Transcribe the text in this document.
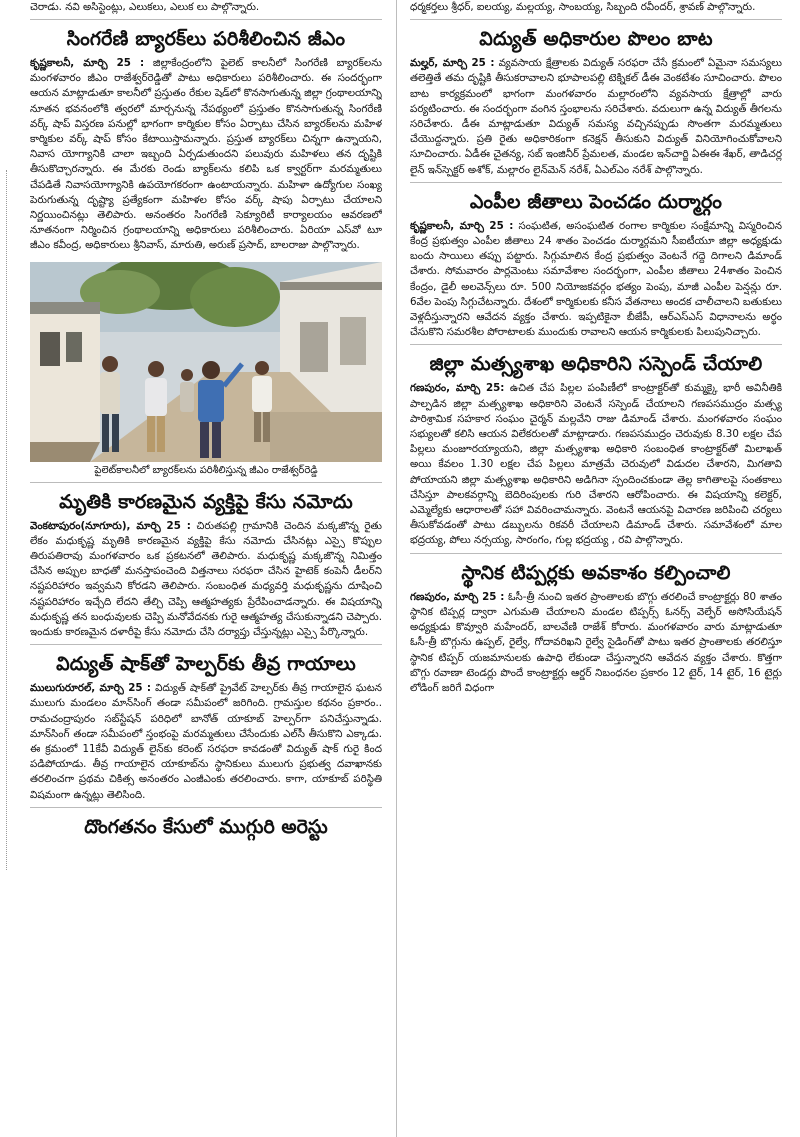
చెరాడు. నవి అసిస్టెంట్లు, ఎలుకలు, ఎలుక లు పాల్గొన్నారు.
సింగరేణి బ్యారక్‌లు పరిశీలించిన జీఎం

కృష్ణకాలనీ, మార్చి 25 : జిల్లాకేంద్రంలోని పైలెట్ కాలనీలో సింగరేణి బ్యారక్‌లను మంగళవారం జీఎం రాజేశ్వర్‌రెడ్డితో పాటు అధికారులు పరిశీలించారు. ఈ సందర్భంగా ఆయన మాట్లాడుతూ కాలనీలో ప్రస్తుతం రేకుల షెడ్‌లో కొనసాగుతున్న జిల్లా గ్రంథాలయాన్ని నూతన భవనంలోకి త్వరలో మార్చనున్న నేపథ్యంలో ప్రస్తుతం కొనసాగుతున్న సింగరేణి వర్క్ షాప్ విస్తరణ పనుల్లో భాగంగా కార్మికుల కోసం ఏర్పాటు చేసిన బ్యారక్‌లను మహిళ కార్మికుల వర్క్ షాప్ కోసం కేటాయిస్తామన్నారు. ప్రస్తుత బ్యారక్‌లు చిన్నగా ఉన్నాయని, నివాస యోగ్యానికి చాలా ఇబ్బంది ఏర్పడుతుందని పలువురు మహిళలు తన దృష్టికి తీసుకొచ్చారన్నారు. ఈ మేరకు రెండు బ్యాక్‌లను కలిపి ఒక క్వార్టర్‌గా మరమ్మతులు చేపడితే నివాసయోగ్యానికి ఉపయోగకరంగా ఉంటాయన్నారు. మహిళా ఉద్యోగుల సంఖ్య పెరుగుతున్న దృష్ట్యా ప్రత్యేకంగా మహిళల కోసం వర్క్ షాపు ఏర్పాటు చేయాలని నిర్ణయించినట్లు తెలిపారు. అనంతరం సింగరేణి సెక్యూరిటీ కార్యాలయం ఆవరణలో నూతనంగా నిర్మించిన గ్రంథాలయాన్ని అధికారులు పరిశీలించారు. ఏరియా ఎస్‌వో టూ జీఎం కవీంద్ర, అధికారులు శ్రీనివాస్, మారుతి, అరుణ్ ప్రసాద్, బాలరాజు పాల్గొన్నారు.

పైలెట్‌కాలనీలో బ్యారక్‌లను పరిశీలిస్తున్న జీఎం రాజేశ్వర్‌రెడ్డి
మృతికి కారణమైన వ్యక్తిపై కేసు నమోదు

వెంకటాపురం(నూగూరు), మార్చి 25 : చిరుతపల్లి గ్రామానికి చెందిన మక్కజొన్న రైతు లేకం మధుకృష్ణ మృతికి కారణమైన వ్యక్తిపై కేసు నమోదు చేసినట్లు ఎస్సై కొప్పుల తిరుపతిరావు మంగళవారం ఒక ప్రకటనలో తెలిపారు. మధుకృష్ణ మక్కజొన్న నిమిత్తం చేసిన అప్పుల బాధతో మనస్తాపంచెంది విత్తనాలు సరఫరా చేసిన హైటెక్ కంపెనీ డీలర్‌ని నష్టపరిహారం ఇవ్వమని కోరడని తెలిపారు. సంబంధిత మధ్యవర్తి మధుకృష్ణను దూషించి నష్టపరిహారం ఇచ్చేది లేదని తేల్చి చెప్పి ఆత్మహత్యకు ప్రేరేపించాడన్నారు. ఈ విషయాన్ని మధుకృష్ణ తన బంధువులకు చెప్పి మనోవేదనకు గురై ఆత్మహత్య చేసుకున్నాడని చెప్పారు. ఇందుకు కారణమైన దళారీపై కేసు నమోదు చేసి దర్యాప్తు చేస్తున్నట్లు ఎస్సై పేర్కొన్నారు.

విద్యుత్ షాక్‌తో హెల్పర్‌కు తీవ్ర గాయాలు

ములుగురూరల్, మార్చి 25 : విద్యుత్ షాక్‌తో ప్రైవేట్ హెల్పర్‌కు తీవ్ర గాయాలైన ఘటన ములుగు మండలం మాన్‌సింగ్ తండా సమీపంలో జరిగింది. గ్రామస్తుల కథనం ప్రకారం.. రామచంద్రాపురం సబ్‌స్టేషన్ పరిధిలో బానోత్ యాకూబ్ హెల్పర్‌గా పనిచేస్తున్నాడు. మాన్‌సింగ్ తండా సమీపంలో స్తంభంపై మరమ్మతులు చేసేందుకు ఎల్‌సీ తీసుకొని ఎక్కాడు. ఈ క్రమంలో 11కేవీ విద్యుత్ లైన్‌కు కరెంట్ సరఫరా కావడంతో విద్యుత్ షాక్ గురై కింద పడిపోయాడు. తీవ్ర గాయాలైన యాకూబ్‌ను స్థానికులు ములుగు ప్రభుత్వ దవాఖానకు తరలించగా ప్రథమ చికిత్స అనంతరం ఎంజీఎంకు తరలించారు. కాగా, యాకూబ్ పరిస్థితి విషమంగా ఉన్నట్లు తెలిసింది.

దొంగతనం కేసులో ముగ్గురి అరెస్టు

ధర్మకర్తలు శ్రీధర్, ఐలయ్య, మల్లయ్య, సాంబయ్య, సిబ్బంది రవీందర్, శ్రావణ్ పాల్గొన్నారు.

విద్యుత్ అధికారుల పొలం బాట

మల్హర్, మార్చి 25 : వ్యవసాయ క్షేత్రాలకు విద్యుత్ సరఫరా చేసే క్రమంలో ఏమైనా సమస్యలు తలెత్తితే తమ దృష్టికి తీసుకరావాలని భూపాలపల్లి టెక్నికల్ డీఈ వెంకటేశం సూచించారు. పొలం బాట కార్యక్రమంలో భాగంగా మంగళవారం మల్లారంలోని వ్యవసాయ క్షేత్రాల్లో వారు పర్యటించారు. ఈ సందర్భంగా వంగిన స్తంభాలను సరిచేశారు. వదులుగా ఉన్న విద్యుత్ తీగలను సరిచేశారు. డీఈ మాట్లాడుతూ విద్యుత్ సమస్య వచ్చినప్పుడు సొంతగా మరమ్మతులు చేయొద్దన్నారు. ప్రతి రైతు అధికారికంగా కనెక్షన్ తీసుకుని విద్యుత్ వినియోగించుకోవాలని సూచించారు. ఏడీఈ చైతన్య, సబ్ ఇంజినీర్ ప్రేమలత, మండల ఇన్‌చార్జి ఏఈఈ శేఖర్, తాడిచర్ల లైన్ ఇన్‌స్పెక్టర్ అశోక్, మల్లారం లైన్‌మెన్ నరేశ్, ఏఎల్ఎం నరేశ్ పాల్గొన్నారు.

ఎంపీల జీతాలు పెంచడం దుర్మార్గం

కృష్ణకాలనీ, మార్చి 25 : సంఘటిత, అసంఘటిత రంగాల కార్మికుల సంక్షేమాన్ని విస్మరించిన కేంద్ర ప్రభుత్వం ఎంపీల జీతాలు 24 శాతం పెంచడం దుర్మార్గమని సీఐటీయూ జిల్లా అధ్యక్షుడు బందు సాయిలు తప్పు పట్టారు. సిగ్గుమాలిన కేంద్ర ప్రభుత్వం వెంటనే గద్దె దిగాలని డిమాండ్ చేశారు. సోమవారం పార్లమెంటు సమావేశాల సందర్భంగా, ఎంపీల జీతాలు 24శాతం పెంచిన కేంద్రం, డైలీ అలవెన్స్‌లు రూ. 500 నియోజకవర్గం భత్యం పెంపు, మాజీ ఎంపీల పెన్షన్లు రూ. 6వేల పెంపు సిగ్గుచేటన్నారు. దేశంలో కార్మికులకు కనీస వేతనాలు అందక చాలీచాలని బతుకులు వెళ్లదీస్తున్నారని ఆవేదన వ్యక్తం చేశారు. ఇప్పటికైనా బీజేపీ, ఆర్ఎస్ఎస్ విధానాలను అర్థం చేసుకొని సమరశీల పోరాటాలకు ముందుకు రావాలని ఆయన కార్మికులకు పిలుపునిచ్చారు.

జిల్లా మత్స్యశాఖ అధికారిని సస్పెండ్ చేయాలి

గణపురం, మార్చి 25: ఉచిత చేప పిల్లల పంపిణీలో కాంట్రాక్టర్‌తో కుమ్మక్కై భారీ అవినీతికి పాల్పడిన జిల్లా మత్స్యశాఖ అధికారిని వెంటనే సస్పెండ్ చేయాలని గణపసముద్రం మత్స్య పారిశ్రామిక సహకార సంఘం చైర్మన్ మల్లవేని రాజు డిమాండ్ చేశారు. మంగళవారం సంఘం సభ్యులతో కలిసి ఆయన విలేకరులతో మాట్లాడారు. గణపసముద్రం చెరువుకు 8.30 లక్షల చేప పిల్లలు మంజూరయ్యాయని, జిల్లా మత్స్యశాఖ అధికారి సంబంధిత కాంట్రాక్టర్‌తో మిలాఖత్ అయి కేవలం 1.30 లక్షల చేప పిల్లలు మాత్రమే చెరువులో విడుదల చేశారని, మిగతావి పోయాయని జిల్లా మత్స్యశాఖ అధికారిని అడిగినా స్పందించకుండా తెల్ల కాగితాలపై సంతకాలు చేసిస్తూ పాలకవర్గాన్ని బెదిరింపులకు గురి చేశారని ఆరోపించారు. ఈ విషయాన్ని కలెక్టర్, ఎమ్మెల్యేకు ఆధారాలతో సహా వివరించామన్నారు. వెంటనే ఆయనపై విచారణ జరిపించి చర్యలు తీసుకోవడంతో పాటు డబ్బులను రికవరీ చేయాలని డిమాండ్ చేశారు. సమావేశంలో మాల భద్రయ్య, పోలు నర్సయ్య, సారంగం, గుల్ల భద్రయ్య , రవి పాల్గొన్నారు.

స్థానిక టిప్పర్లకు అవకాశం కల్పించాలి

గణపురం, మార్చి 25 : ఓసీ-త్రీ నుంచి ఇతర ప్రాంతాలకు బొగ్గు తరలించే కాంట్రాక్టర్లు 80 శాతం స్థానిక టిప్పర్ల ద్వారా ఎగుమతి చేయాలని మండల టిప్పర్స్ ఓనర్స్ వెల్ఫేర్ అసోసియేషన్ అధ్యక్షుడు కొవ్వూరి మహేందర్, బాలవేణి రాజేశ్ కోరారు. మంగళవారం వారు మాట్లాడుతూ ఓసీ-త్రీ బొగ్గును ఉప్పల్, రైల్వే, గోదావరిఖని రైల్వే సైడింగ్‌తో పాటు ఇతర ప్రాంతాలకు తరలిస్తూ స్థానిక టిప్పర్ యజమానులకు ఉపాధి లేకుండా చేస్తున్నారని ఆవేదన వ్యక్తం చేశారు. కొత్తగా బొగ్గు రవాణా టెండర్లు పొందే కాంట్రాక్టర్లు ఆర్డర్ నిబంధనల ప్రకారం 12 టైర్, 14 టైర్, 16 టైర్లు లోడింగ్ జరిగే విధంగా
